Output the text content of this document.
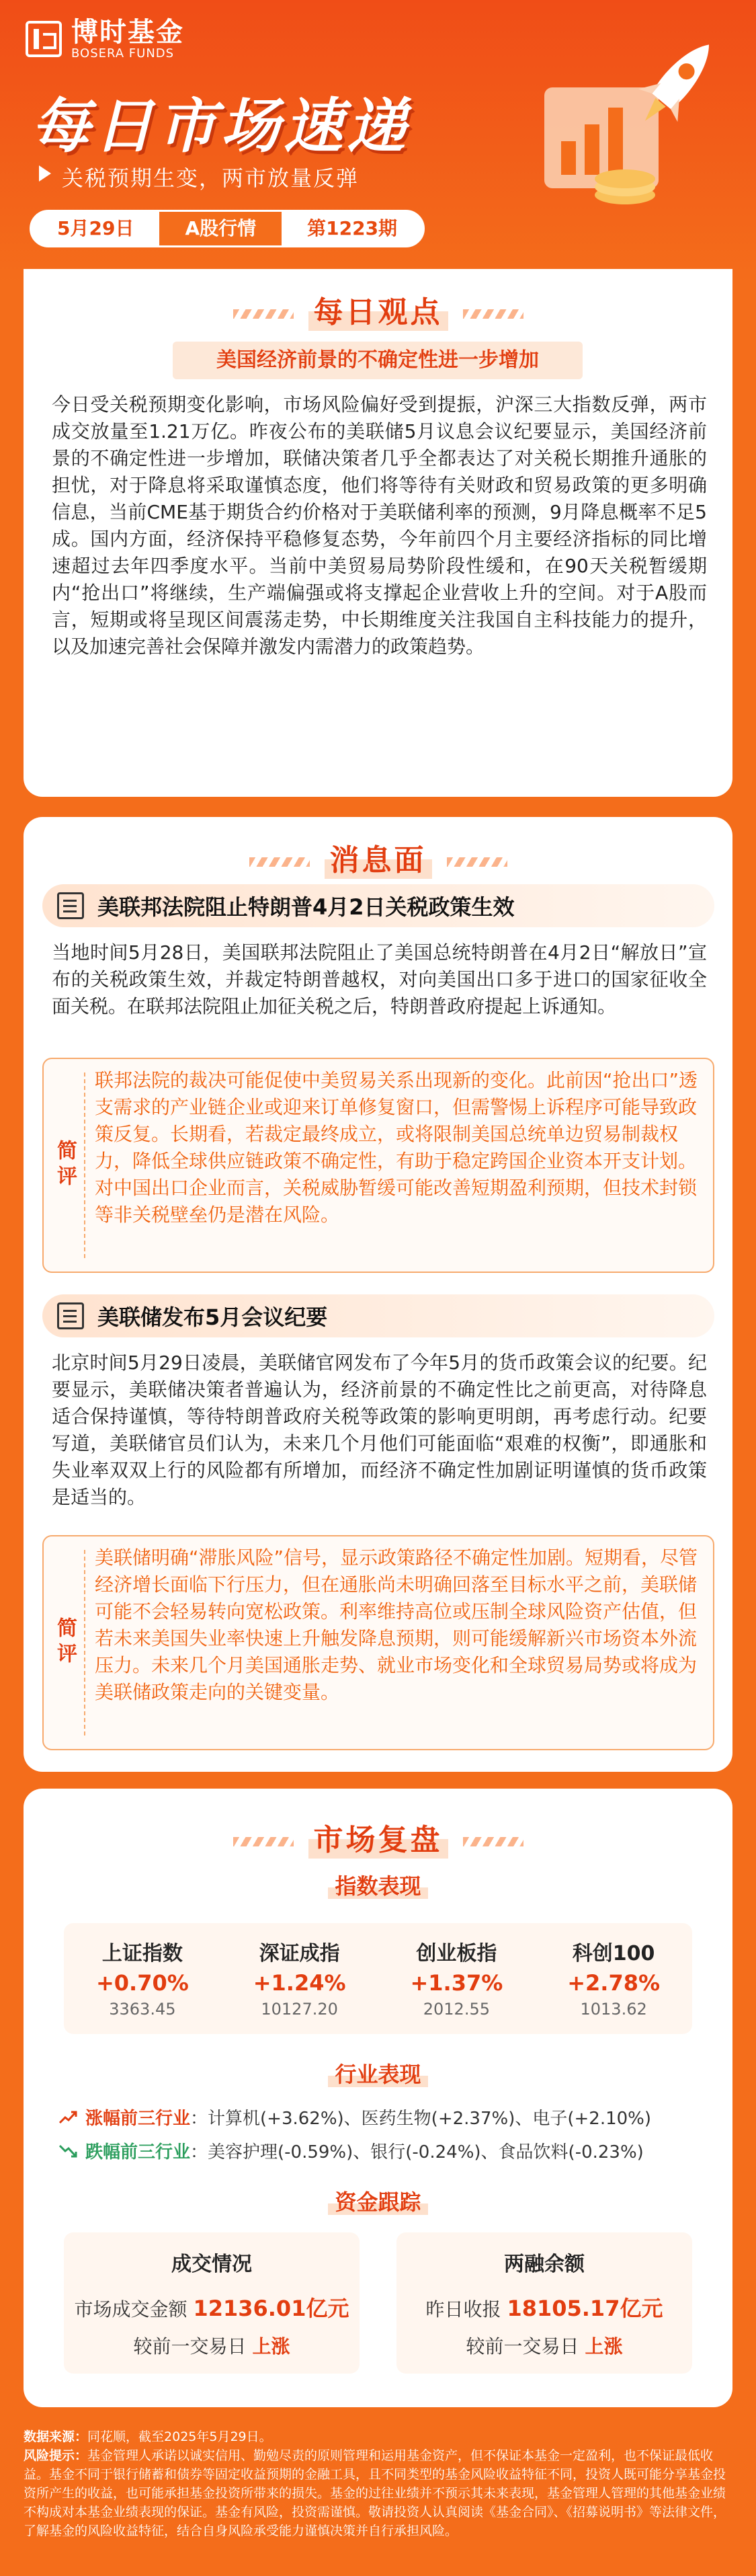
博时基金
BOSERA FUNDS
每日市场速递
关税预期生变，两市放量反弹
5月29日	A股行情	第1223期
每日观点
美国经济前景的不确定性进一步增加
今日受关税预期变化影响，市场风险偏好受到提振，沪深三大指数反弹，两市成交放量至1.21万亿。昨夜公布的美联储5月议息会议纪要显示，美国经济前景的不确定性进一步增加，联储决策者几乎全都表达了对关税长期推升通胀的担忧，对于降息将采取谨慎态度，他们将等待有关财政和贸易政策的更多明确信息，当前CME基于期货合约价格对于美联储利率的预测，9月降息概率不足5成。国内方面，经济保持平稳修复态势，今年前四个月主要经济指标的同比增速超过去年四季度水平。当前中美贸易局势阶段性缓和，在90天关税暂缓期内“抢出口”将继续，生产端偏强或将支撑起企业营收上升的空间。对于A股而言，短期或将呈现区间震荡走势，中长期维度关注我国自主科技能力的提升，以及加速完善社会保障并激发内需潜力的政策趋势。
消息面
美联邦法院阻止特朗普4月2日关税政策生效
当地时间5月28日，美国联邦法院阻止了美国总统特朗普在4月2日“解放日”宣布的关税政策生效，并裁定特朗普越权，对向美国出口多于进口的国家征收全面关税。在联邦法院阻止加征关税之后，特朗普政府提起上诉通知。
简评
联邦法院的裁决可能促使中美贸易关系出现新的变化。此前因“抢出口”透支需求的产业链企业或迎来订单修复窗口，但需警惕上诉程序可能导致政策反复。长期看，若裁定最终成立，或将限制美国总统单边贸易制裁权力，降低全球供应链政策不确定性，有助于稳定跨国企业资本开支计划。对中国出口企业而言，关税威胁暂缓可能改善短期盈利预期，但技术封锁等非关税壁垒仍是潜在风险。
美联储发布5月会议纪要
北京时间5月29日凌晨，美联储官网发布了今年5月的货币政策会议的纪要。纪要显示，美联储决策者普遍认为，经济前景的不确定性比之前更高，对待降息适合保持谨慎，等待特朗普政府关税等政策的影响更明朗，再考虑行动。纪要写道，美联储官员们认为，未来几个月他们可能面临“艰难的权衡”，即通胀和失业率双双上行的风险都有所增加，而经济不确定性加剧证明谨慎的货币政策是适当的。
简评
美联储明确“滞胀风险”信号，显示政策路径不确定性加剧。短期看，尽管经济增长面临下行压力，但在通胀尚未明确回落至目标水平之前，美联储可能不会轻易转向宽松政策。利率维持高位或压制全球风险资产估值，但若未来美国失业率快速上升触发降息预期，则可能缓解新兴市场资本外流压力。未来几个月美国通胀走势、就业市场变化和全球贸易局势或将成为美联储政策走向的关键变量。
市场复盘
指数表现
上证指数
+0.70%
3363.45
深证成指
+1.24%
10127.20
创业板指
+1.37%
2012.55
科创100
+2.78%
1013.62
行业表现
涨幅前三行业 ：计算机(+3.62%)、医药生物(+2.37%)、电子(+2.10%)
跌幅前三行业 ：美容护理(-0.59%)、银行(-0.24%)、食品饮料(-0.23%)
资金跟踪
成交情况
市场成交金额 12136.01亿元
较前一交易日 上涨
两融余额
昨日收报 18105.17亿元
较前一交易日 上涨
数据来源：同花顺，截至2025年5月29日。
风险提示：基金管理人承诺以诚实信用、勤勉尽责的原则管理和运用基金资产，但不保证本基金一定盈利，也不保证最低收益。基金不同于银行储蓄和债券等固定收益预期的金融工具，且不同类型的基金风险收益特征不同，投资人既可能分享基金投资所产生的收益，也可能承担基金投资所带来的损失。基金的过往业绩并不预示其未来表现，基金管理人管理的其他基金业绩不构成对本基金业绩表现的保证。基金有风险，投资需谨慎。敬请投资人认真阅读《基金合同》、《招募说明书》等法律文件，了解基金的风险收益特征，结合自身风险承受能力谨慎决策并自行承担风险。
